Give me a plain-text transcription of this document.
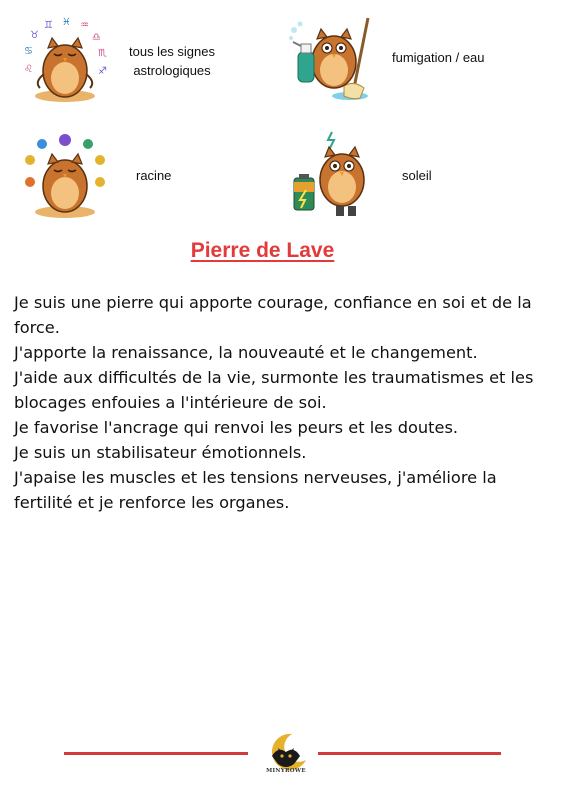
♉
♊ ♓ ♒
♎
♋	♏
♌	♐
tous les signes astrologiques
fumigation / eau
racine	soleil
Pierre de Lave

Je suis une pierre qui apporte courage, confiance en soi et de la force.

J'apporte la renaissance, la nouveauté et le changement.

J'aide aux difficultés de la vie, surmonte les traumatismes et les blocages enfouies a l'intérieure de soi.

Je favorise l'ancrage qui renvoi les peurs et les doutes.

Je suis un stabilisateur émotionnels.

J'apaise les muscles et les tensions nerveuses, j'améliore la fertilité et je renforce les organes.

MINYROWE
